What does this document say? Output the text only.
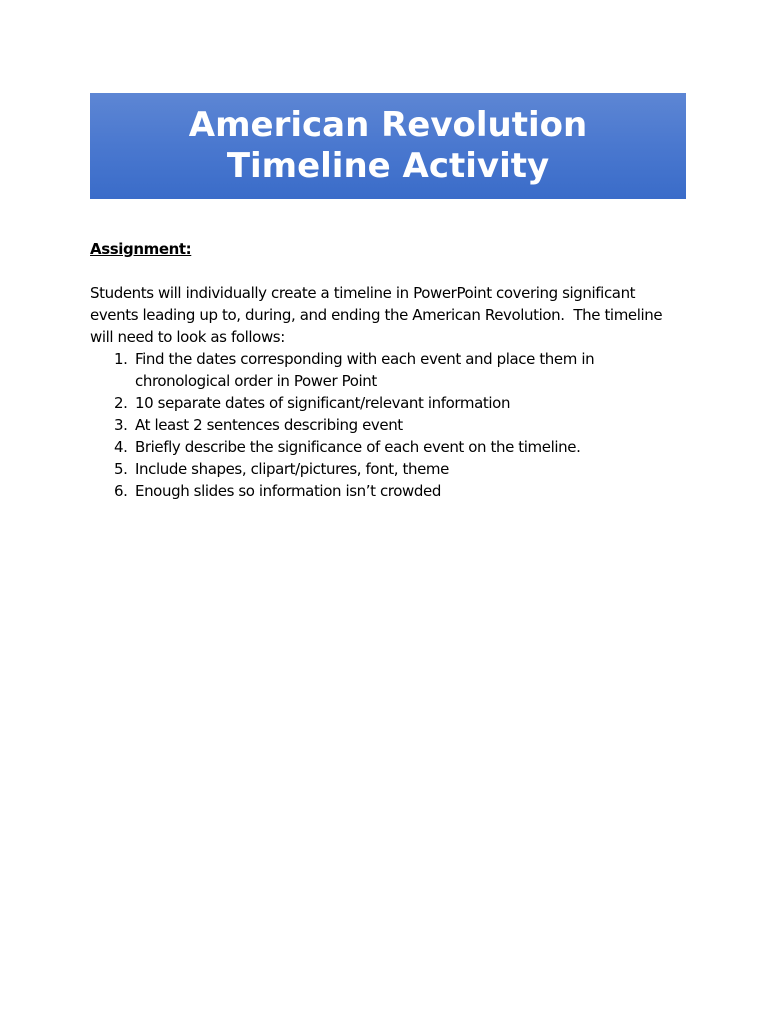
American Revolution
Timeline Activity

Assignment:

Students will individually create a timeline in PowerPoint covering significant events leading up to, during, and ending the American Revolution.  The timeline will need to look as follows:

1. Find the dates corresponding with each event and place them in chronological order in Power Point
2. 10 separate dates of significant/relevant information
3. At least 2 sentences describing event
4. Briefly describe the significance of each event on the timeline.
5. Include shapes, clipart/pictures, font, theme
6. Enough slides so information isn’t crowded
